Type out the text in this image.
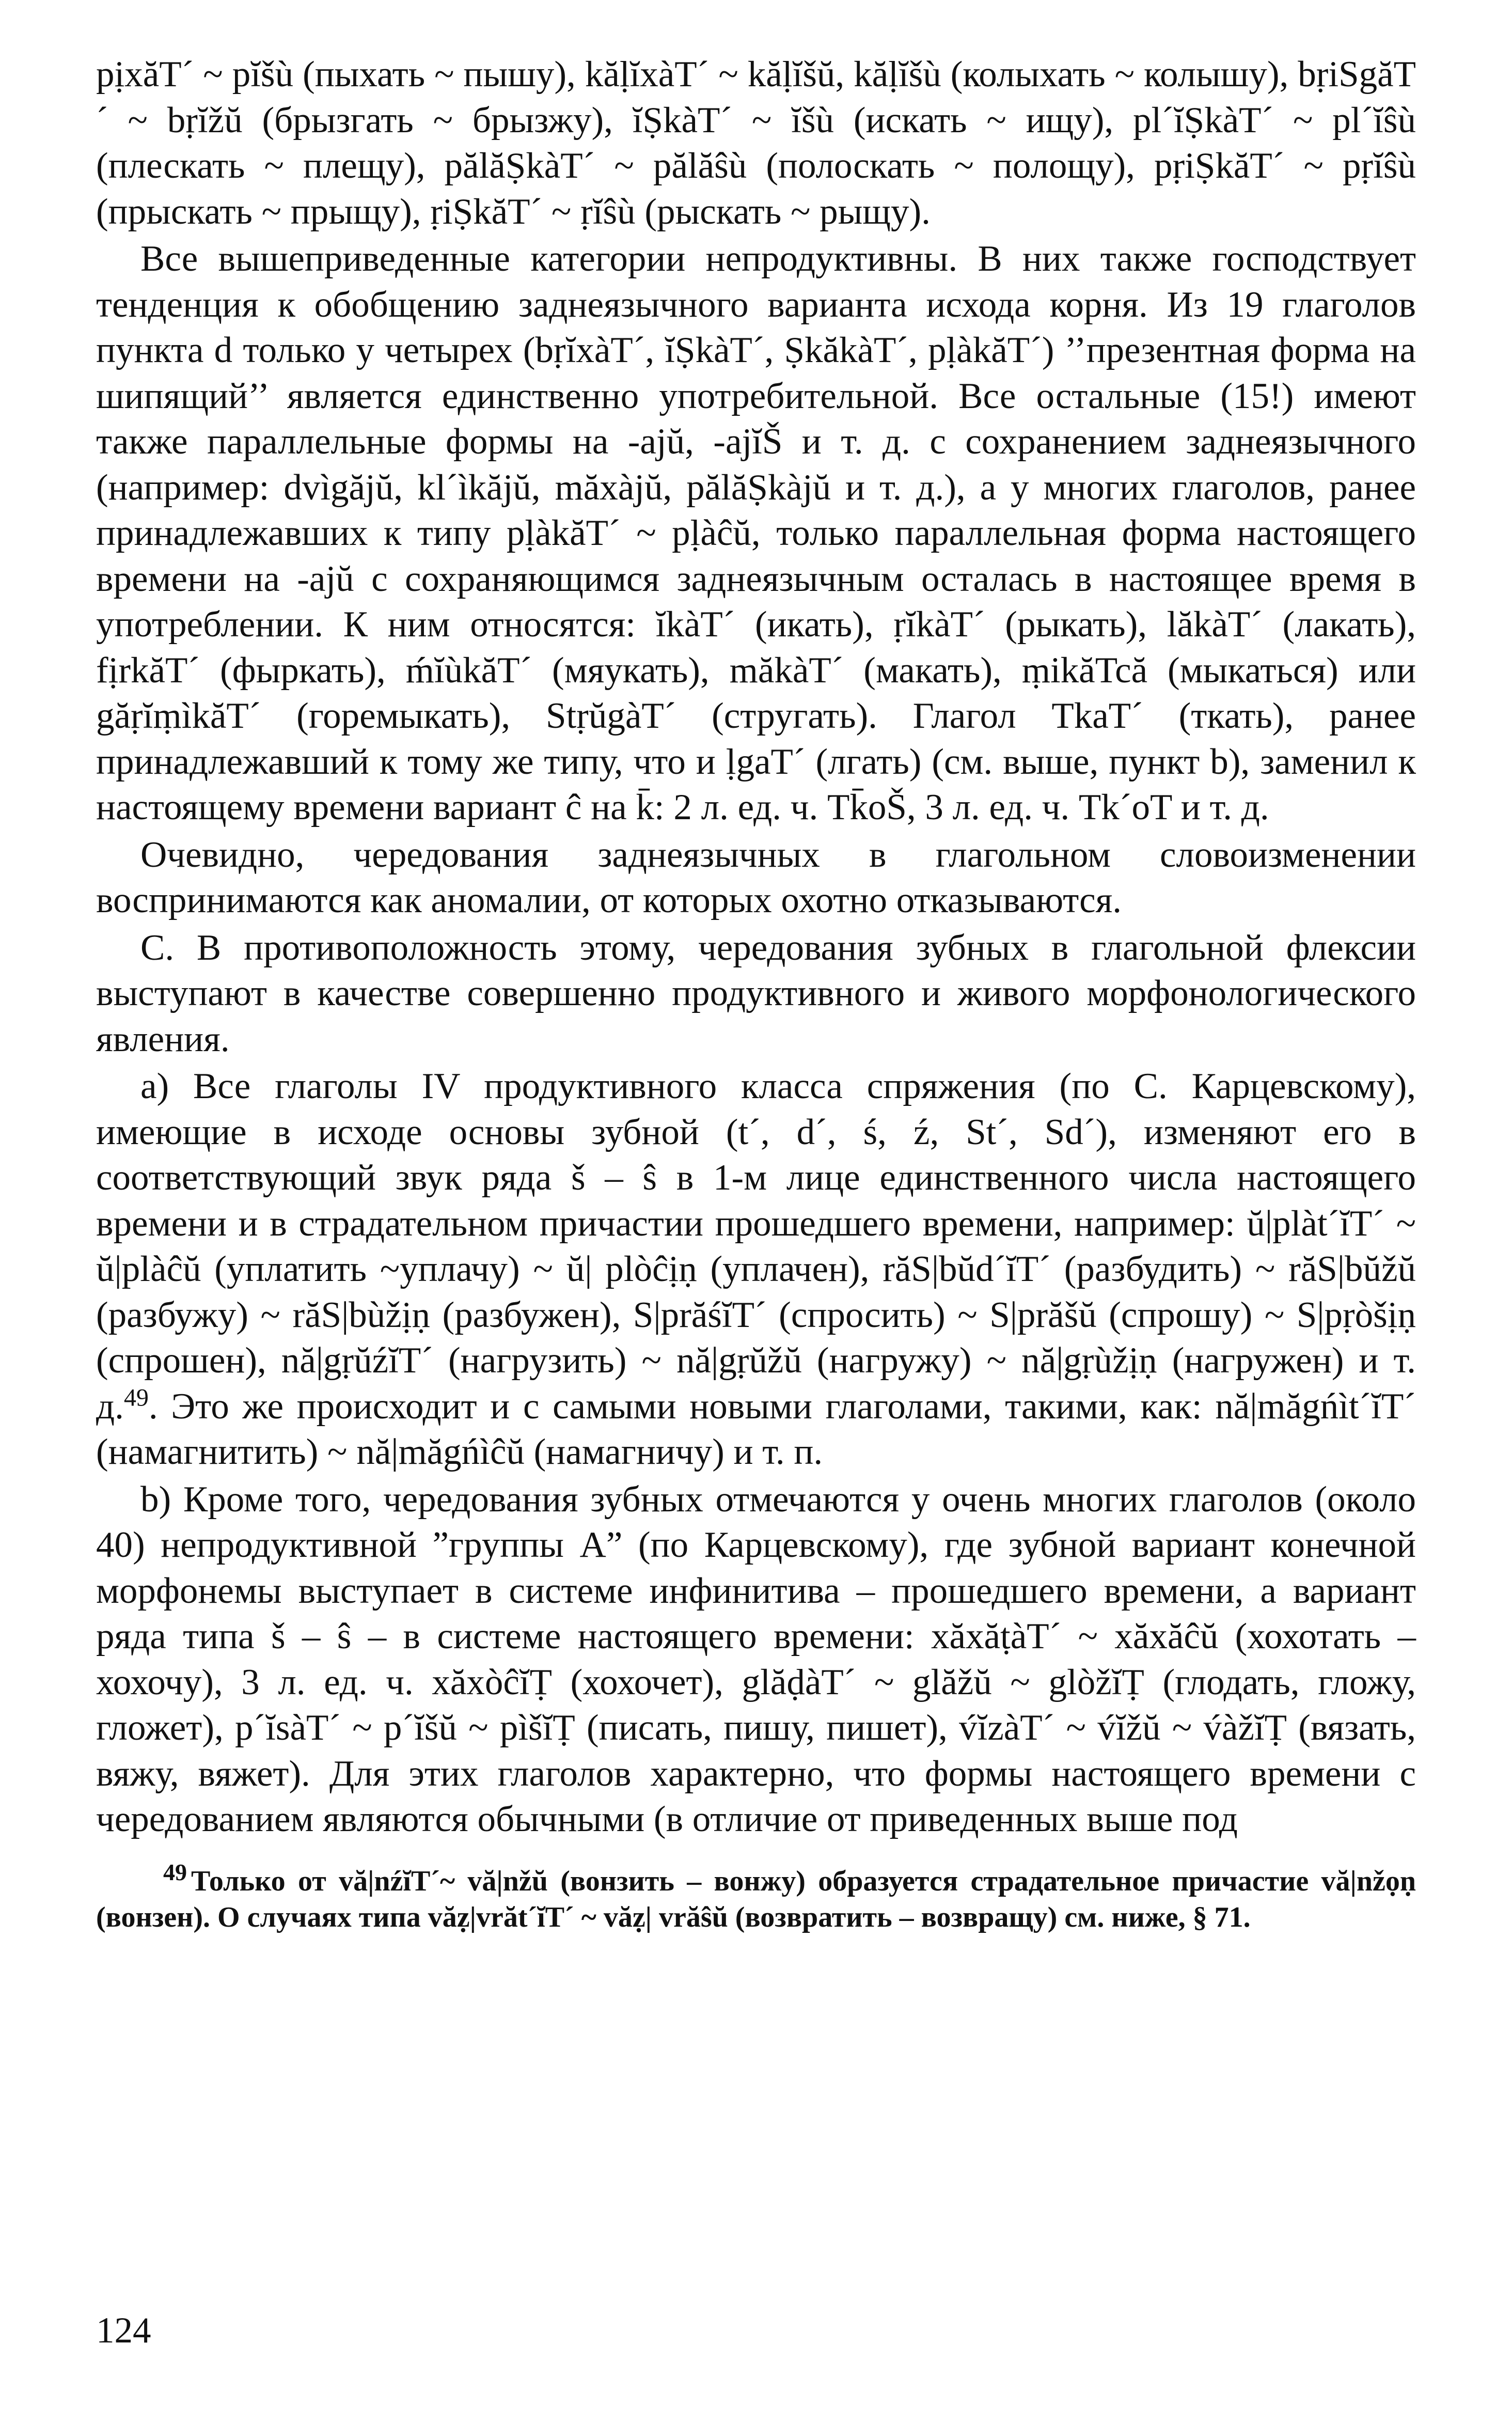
pịxăT´ ~ pĭšù (пыхать ~ пышу), kăḷĭxàT´ ~ kăḷĭšŭ, kăḷĭšù (колыхать ~ колышу), bṛiSgăT´ ~ bṛĭžŭ (брызгать ~ брызжу), ĭṢkàT´ ~ ĭšù (искать ~ ищу), pl´ĭṢkàT´ ~ pl´ĭŝù (плескать ~ плещу), pălăṢkàT´ ~ pălăŝù (полоскать ~ полощу), pṛiṢkăT´ ~ pṛĭŝù (прыскать ~ прыщу), ṛiṢkăT´ ~ ṛĭŝù (рыскать ~ рыщу).

Все вышеприведенные категории непродуктивны. В них также господствует тенденция к обобщению заднеязычного варианта исхода корня. Из 19 глаголов пункта d только у четырех (bṛĭxàT´, ĭṢkàT´, ṢkăkàT´, pḷàkăT´) ’’презентная форма на шипящий’’ является единственно употребительной. Все остальные (15!) имеют также параллельные формы на -ajŭ, -ajĭŠ и т. д. с сохранением заднеязычного (например: dvìgăjŭ, kl´ìkăjŭ, măxàjŭ, pălăṢkàjŭ и т. д.), а у многих глаголов, ранее принадлежавших к типу pḷàkăT´ ~ pḷàĉŭ, только параллельная форма настоящего времени на -ajŭ с сохраняющимся заднеязычным осталась в настоящее время в употреблении. К ним относятся: ĭkàT´ (икать), ṛĭkàT´ (рыкать), lăkàT´ (лакать), fịrkăT´ (фыркать), ḿĭùkăT´ (мяукать), măkàT´ (макать), ṃikăTcă (мыкаться) или găṛĭṃìkăT´ (горемыкать), StṛŭgàT´ (стругать). Глагол TkaT´ (ткать), ранее принадлежавший к тому же типу, что и ḷgaT´ (лгать) (см. выше, пункт b), заменил к настоящему времени вариант ĉ на k̄: 2 л. ед. ч. Tk̄oŠ, 3 л. ед. ч. Tk´oT и т. д.

Очевидно, чередования заднеязычных в глагольном словоизменении воспринимаются как аномалии, от которых охотно отказываются.

С. В противоположность этому, чередования зубных в глагольной флексии выступают в качестве совершенно продуктивного и живого морфонологического явления.

а) Все глаголы IV продуктивного класса спряжения (по С. Карцевскому), имеющие в исходе основы зубной (t´, d´, ś, ź, St´, Sd´), изменяют его в соответствующий звук ряда š – ŝ в 1-м лице единственного числа настоящего времени и в страдательном причастии прошедшего времени, например: ŭ|plàt´ĭT´ ~ ŭ|plàĉŭ (уплатить ~уплачу) ~ ŭ| plòĉịṇ (уплачен), răS|bŭd´ĭT´ (разбудить) ~ răS|bŭžŭ (разбужу) ~ răS|bùžịṇ (разбужен), S|prăśĭT´ (спросить) ~ S|prăšŭ (спрошу) ~ S|pṛòšịṇ (спрошен), nă|gṛŭźĭT´ (нагрузить) ~ nă|gṛŭžŭ (нагружу) ~ nă|gṛùžịṇ (нагружен) и т. д.$^{49}$. Это же происходит и с самыми новыми глаголами, такими, как: nă|măgńìt´ĭT´ (намагнитить) ~ nă|măgńìĉŭ (намагничу) и т. п.

b) Кроме того, чередования зубных отмечаются у очень многих глаголов (около 40) непродуктивной ”группы А” (по Карцевскому), где зубной вариант конечной морфонемы выступает в системе инфинитива – прошедшего времени, а вариант ряда типа š – ŝ – в системе настоящего времени: xăxăṭàT´ ~ xăxăĉŭ (хохотать – хохочу), 3 л. ед. ч. xăxòĉĭṬ (хохочет), glăḍàT´ ~ glăžŭ ~ glòžĭṬ (глодать, гложу, гложет), p´ĭsàT´ ~ p´ĭšŭ ~ pìšĭṬ (писать, пишу, пишет), v́ĭzàT´ ~ v́ĭžŭ ~ v́àžĭṬ (вязать, вяжу, вяжет). Для этих глаголов характерно, что формы настоящего времени с чередованием являются обычными (в отличие от приведенных выше под

$^{49}$ Только от vă|nźĭT´~ vă|nžŭ (вонзить – вонжу) образуется страдательное причастие vă|nžọṇ (вонзен). О случаях типа văẓ|vrăt´ĭT´ ~ văẓ| vrăŝŭ (возвратить – возвращу) см. ниже, § 71.
124
